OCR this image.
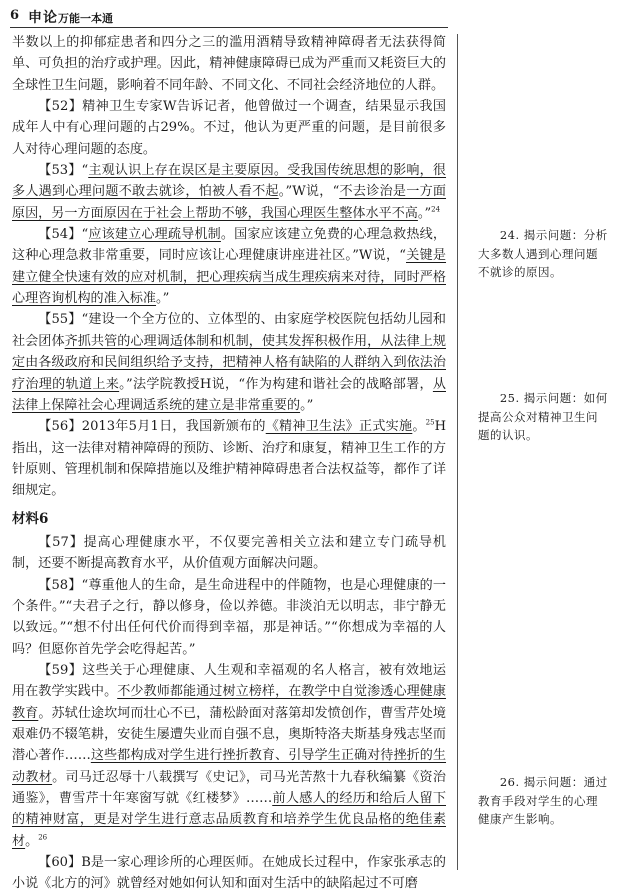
6 申论万能一本通

半数以上的抑郁症患者和四分之三的滥用酒精导致精神障碍者无法获得简单、可负担的治疗或护理。因此，精神健康障碍已成为严重而又耗资巨大的全球性卫生问题，影响着不同年龄、不同文化、不同社会经济地位的人群。

【52】精神卫生专家W告诉记者，他曾做过一个调查，结果显示我国成年人中有心理问题的占29%。不过，他认为更严重的问题，是目前很多人对待心理问题的态度。

【53】“主观认识上存在误区是主要原因。受我国传统思想的影响，很多人遇到心理问题不敢去就诊，怕被人看不起。”W说，“不去诊治是一方面原因，另一方面原因在于社会上帮助不够，我国心理医生整体水平不高。”$^{24}$

【54】“应该建立心理疏导机制。国家应该建立免费的心理急救热线，这种心理急救非常重要，同时应该让心理健康讲座进社区。”W说，“关键是建立健全快速有效的应对机制，把心理疾病当成生理疾病来对待，同时严格心理咨询机构的准入标准。”

【55】“建设一个全方位的、立体型的、由家庭学校医院包括幼儿园和社会团体齐抓共管的心理调适体制和机制，使其发挥积极作用，从法律上规定由各级政府和民间组织给予支持，把精神人格有缺陷的人群纳入到依法治疗治理的轨道上来。”法学院教授H说，“作为构建和谐社会的战略部署，从法律上保障社会心理调适系统的建立是非常重要的。”

【56】2013年5月1日，我国新颁布的《精神卫生法》正式实施。$^{25}$H指出，这一法律对精神障碍的预防、诊断、治疗和康复，精神卫生工作的方针原则、管理机制和保障措施以及维护精神障碍患者合法权益等，都作了详细规定。

材料6

【57】提高心理健康水平，不仅要完善相关立法和建立专门疏导机制，还要不断提高教育水平，从价值观方面解决问题。

【58】“尊重他人的生命，是生命进程中的伴随物，也是心理健康的一个条件。”“夫君子之行，静以修身，俭以养德。非淡泊无以明志，非宁静无以致远。”“想不付出任何代价而得到幸福，那是神话。”“你想成为幸福的人吗？但愿你首先学会吃得起苦。”

【59】这些关于心理健康、人生观和幸福观的名人格言，被有效地运用在教学实践中。不少教师都能通过树立榜样，在教学中自觉渗透心理健康教育。苏轼仕途坎坷而壮心不已，蒲松龄面对落第却发愤创作，曹雪芹处境艰难仍不辍笔耕，安徒生屡遭失业而自强不息，奥斯特洛夫斯基身残志坚而潜心著作……这些都构成对学生进行挫折教育、引导学生正确对待挫折的生动教材。司马迁忍辱十八载撰写《史记》，司马光苦熬十九春秋编纂《资治通鉴》，曹雪芹十年寒窗写就《红楼梦》……前人感人的经历和给后人留下的精神财富，更是对学生进行意志品质教育和培养学生优良品格的绝佳素材。$^{26}$

【60】B是一家心理诊所的心理医师。在她成长过程中，作家张承志的小说《北方的河》就曾经对她如何认知和面对生活中的缺陷起过不可磨

24. 揭示问题：分析大多数人遇到心理问题不就诊的原因。

25. 揭示问题：如何提高公众对精神卫生问题的认识。

26. 揭示问题：通过教育手段对学生的心理健康产生影响。
